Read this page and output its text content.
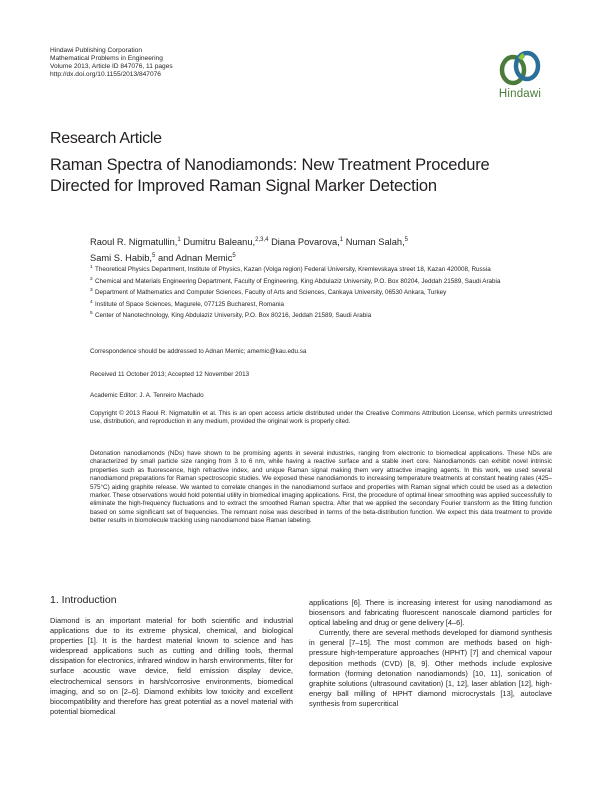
Hindawi Publishing Corporation
Mathematical Problems in Engineering
Volume 2013, Article ID 847076, 11 pages
http://dx.doi.org/10.1155/2013/847076
Hindawi
Research Article
Raman Spectra of Nanodiamonds: New Treatment Procedure
Directed for Improved Raman Signal Marker Detection
Raoul R. Nigmatullin,$^1$ Dumitru Baleanu,$^{2,3,4}$ Diana Povarova,$^1$ Numan Salah,$^5$
Sami S. Habib,$^5$ and Adnan Memic$^5$
1 Theoretical Physics Department, Institute of Physics, Kazan (Volga region) Federal University, Kremlevskaya street 18, Kazan 420008, Russia
2 Chemical and Materials Engineering Department, Faculty of Engineering, King Abdulaziz University, P.O. Box 80204, Jeddah 21589, Saudi Arabia
3 Department of Mathematics and Computer Sciences, Faculty of Arts and Sciences, Cankaya University, 06530 Ankara, Turkey
4 Institute of Space Sciences, Magurele, 077125 Bucharest, Romania
5 Center of Nanotechnology, King Abdulaziz University, P.O. Box 80216, Jeddah 21589, Saudi Arabia
Correspondence should be addressed to Adnan Memic; amemic@kau.edu.sa
Received 11 October 2013; Accepted 12 November 2013
Academic Editor: J. A. Tenreiro Machado
Copyright © 2013 Raoul R. Nigmatullin et al. This is an open access article distributed under the Creative Commons Attribution License, which permits unrestricted use, distribution, and reproduction in any medium, provided the original work is properly cited.
Detonation nanodiamonds (NDs) have shown to be promising agents in several industries, ranging from electronic to biomedical applications. These NDs are characterized by small particle size ranging from 3 to 6 nm, while having a reactive surface and a stable inert core. Nanodiamonds can exhibit novel intrinsic properties such as fluorescence, high refractive index, and unique Raman signal making them very attractive imaging agents. In this work, we used several nanodiamond preparations for Raman spectroscopic studies. We exposed these nanodiamonds to increasing temperature treatments at constant heating rates (425–575°C) aiding graphite release. We wanted to correlate changes in the nanodiamond surface and properties with Raman signal which could be used as a detection marker. These observations would hold potential utility in biomedical imaging applications. First, the procedure of optimal linear smoothing was applied successfully to eliminate the high-frequency fluctuations and to extract the smoothed Raman spectra. After that we applied the secondary Fourier transform as the fitting function based on some significant set of frequencies. The remnant noise was described in terms of the beta-distribution function. We expect this data treatment to provide better results in biomolecule tracking using nanodiamond base Raman labeling.
1. Introduction

Diamond is an important material for both scientific and industrial applications due to its extreme physical, chemical, and biological properties [1]. It is the hardest material known to science and has widespread applications such as cutting and drilling tools, thermal dissipation for electronics, infrared window in harsh environments, filter for surface acoustic wave device, field emission display device, electrochemical sensors in harsh/corrosive environments, biomedical imaging, and so on [2–6]. Diamond exhibits low toxicity and excellent biocompatibility and therefore has great potential as a novel material with potential biomedical

applications [6]. There is increasing interest for using nanodiamond as biosensors and fabricating fluorescent nanoscale diamond particles for optical labeling and drug or gene delivery [4–6].

Currently, there are several methods developed for diamond synthesis in general [7–15]. The most common are methods based on high-pressure high-temperature approaches (HPHT) [7] and chemical vapour deposition methods (CVD) [8, 9]. Other methods include explosive formation (forming detonation nanodiamonds) [10, 11], sonication of graphite solutions (ultrasound cavitation) [1, 12], laser ablation [12], high-energy ball milling of HPHT diamond microcrystals [13], autoclave synthesis from supercritical
